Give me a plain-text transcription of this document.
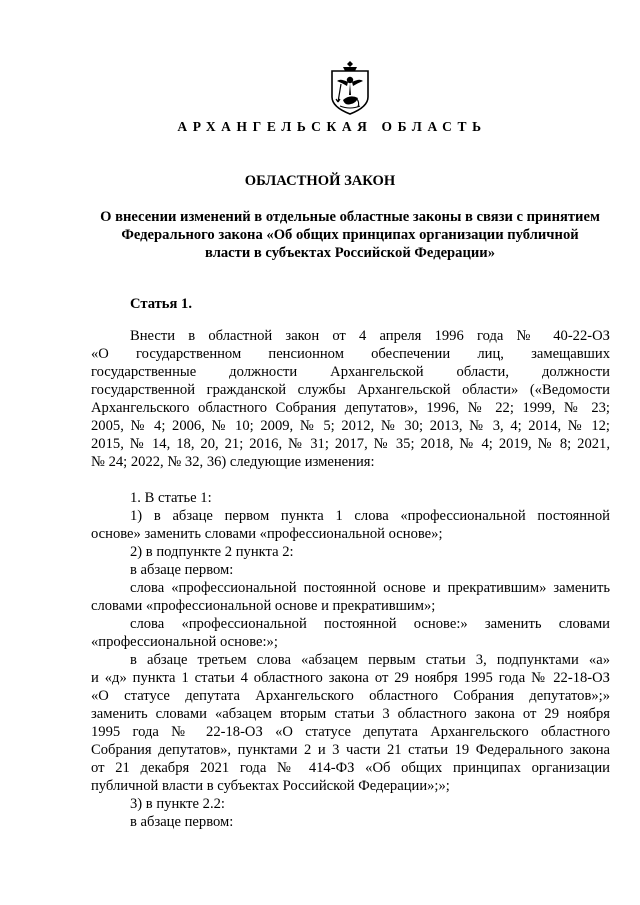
АРХАНГЕЛЬСКАЯ ОБЛАСТЬ
ОБЛАСТНОЙ ЗАКОН
О внесении изменений в отдельные областные законы в связи с принятием
Федерального закона «Об общих принципах организации публичной
власти в субъектах Российской Федерации»
Статья 1.
Внести в областной закон от 4 апреля 1996 года № 40-22-ОЗ
«О государственном пенсионном обеспечении лиц, замещавших
государственные должности Архангельской области, должности
государственной гражданской службы Архангельской области» («Ведомости
Архангельского областного Собрания депутатов», 1996, № 22; 1999, № 23;
2005, № 4; 2006, № 10; 2009, № 5; 2012, № 30; 2013, № 3, 4; 2014, № 12;
2015, № 14, 18, 20, 21; 2016, № 31; 2017, № 35; 2018, № 4; 2019, № 8; 2021,
№ 24; 2022, № 32, 36) следующие изменения:
1. В статье 1:
1) в абзаце первом пункта 1 слова «профессиональной постоянной
основе» заменить словами «профессиональной основе»;
2) в подпункте 2 пункта 2:
в абзаце первом:
слова «профессиональной постоянной основе и прекратившим» заменить
словами «профессиональной основе и прекратившим»;
слова «профессиональной постоянной основе:» заменить словами
«профессиональной основе:»;
в абзаце третьем слова «абзацем первым статьи 3, подпунктами «а»
и «д» пункта 1 статьи 4 областного закона от 29 ноября 1995 года № 22-18-ОЗ
«О статусе депутата Архангельского областного Собрания депутатов»;»
заменить словами «абзацем вторым статьи 3 областного закона от 29 ноября
1995 года № 22-18-ОЗ «О статусе депутата Архангельского областного
Собрания депутатов», пунктами 2 и 3 части 21 статьи 19 Федерального закона
от 21 декабря 2021 года № 414-ФЗ «Об общих принципах организации
публичной власти в субъектах Российской Федерации»;»;
3) в пункте 2.2:
в абзаце первом:
